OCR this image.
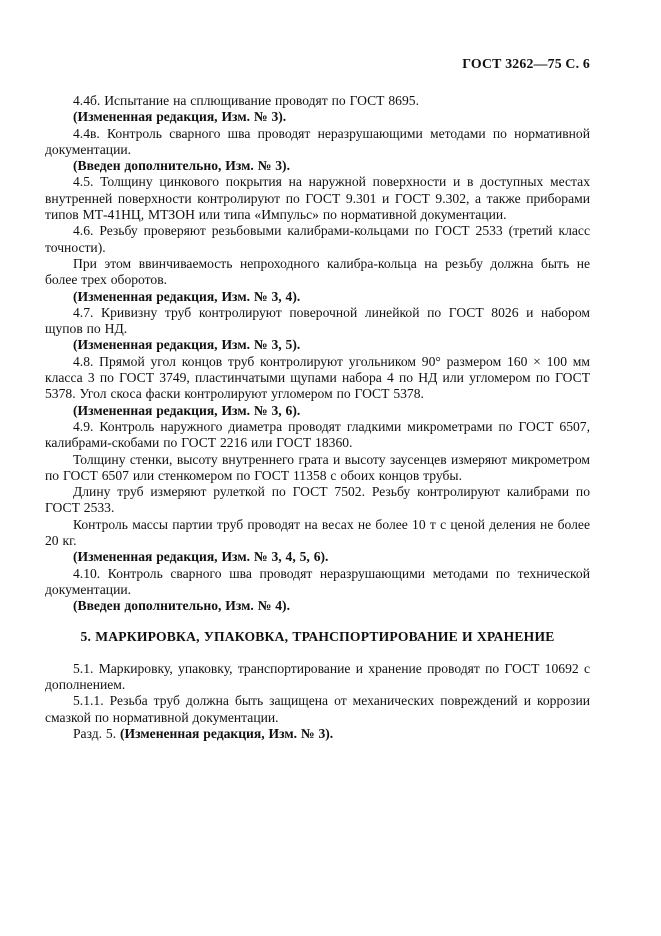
ГОСТ 3262—75 С. 6

4.4б. Испытание на сплющивание проводят по ГОСТ 8695.

(Измененная редакция, Изм. № 3).

4.4в. Контроль сварного шва проводят неразрушающими методами по нормативной документации.

(Введен дополнительно, Изм. № 3).

4.5. Толщину цинкового покрытия на наружной поверхности и в доступных местах внутренней поверхности контролируют по ГОСТ 9.301 и ГОСТ 9.302, а также приборами типов МТ-41НЦ, МТЗОН или типа «Импульс» по нормативной документации.

4.6. Резьбу проверяют резьбовыми калибрами-кольцами по ГОСТ 2533 (третий класс точности).

При этом ввинчиваемость непроходного калибра-кольца на резьбу должна быть не более трех оборотов.

(Измененная редакция, Изм. № 3, 4).

4.7. Кривизну труб контролируют поверочной линейкой по ГОСТ 8026 и набором щупов по НД.

(Измененная редакция, Изм. № 3, 5).

4.8. Прямой угол концов труб контролируют угольником 90° размером 160 × 100 мм класса 3 по ГОСТ 3749, пластинчатыми щупами набора 4 по НД или угломером по ГОСТ 5378. Угол скоса фаски контролируют угломером по ГОСТ 5378.

(Измененная редакция, Изм. № 3, 6).

4.9. Контроль наружного диаметра проводят гладкими микрометрами по ГОСТ 6507, калибрами-скобами по ГОСТ 2216 или ГОСТ 18360.

Толщину стенки, высоту внутреннего грата и высоту заусенцев измеряют микрометром по ГОСТ 6507 или стенкомером по ГОСТ 11358 с обоих концов трубы.

Длину труб измеряют рулеткой по ГОСТ 7502. Резьбу контролируют калибрами по ГОСТ 2533.

Контроль массы партии труб проводят на весах не более 10 т с ценой деления не более 20 кг.

(Измененная редакция, Изм. № 3, 4, 5, 6).

4.10. Контроль сварного шва проводят неразрушающими методами по технической документации.

(Введен дополнительно, Изм. № 4).

5. МАРКИРОВКА, УПАКОВКА, ТРАНСПОРТИРОВАНИЕ И ХРАНЕНИЕ

5.1. Маркировку, упаковку, транспортирование и хранение проводят по ГОСТ 10692 с дополнением.

5.1.1. Резьба труб должна быть защищена от механических повреждений и коррозии смазкой по нормативной документации.

Разд. 5. (Измененная редакция, Изм. № 3).
